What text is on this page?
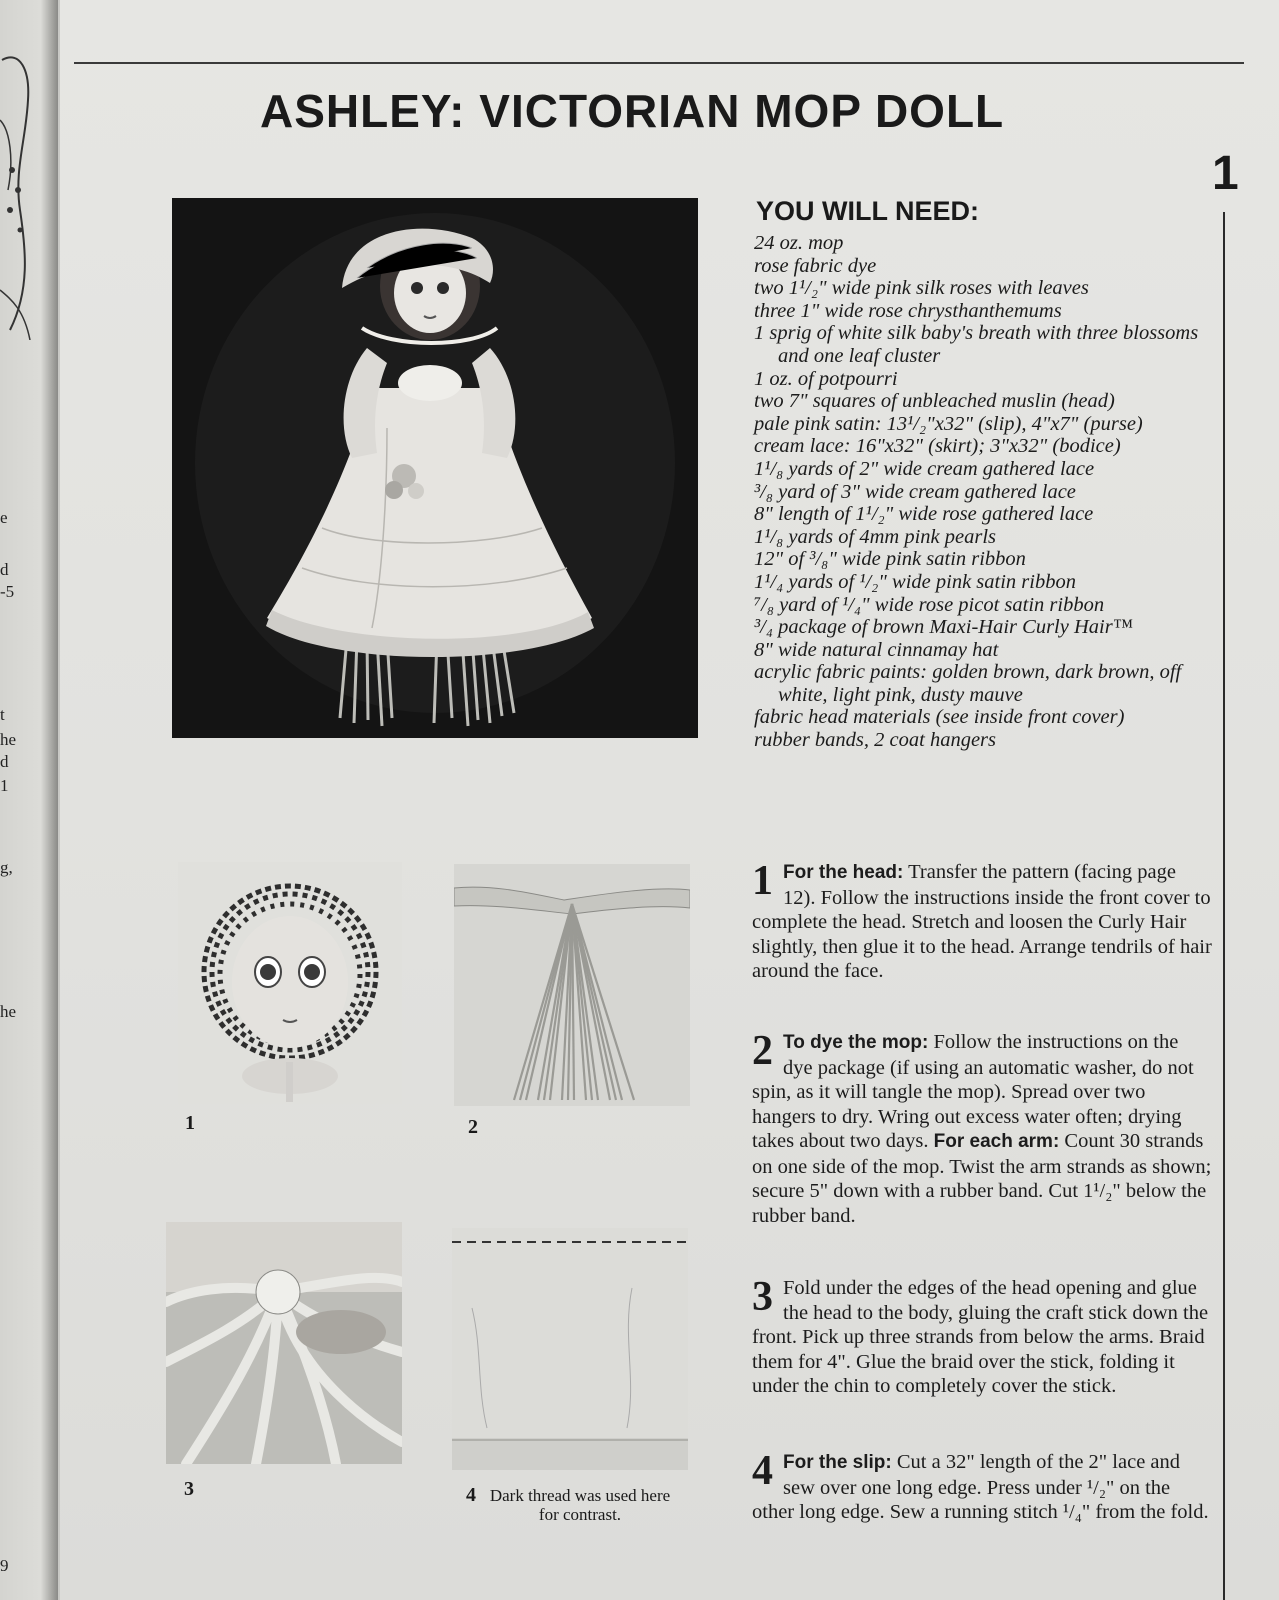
e
d
-5
t
he
d
1
g,
he
9
ASHLEY: VICTORIAN MOP DOLL
1
1	2
3	4 Dark thread was used here for contrast.
YOU WILL NEED:
24 oz. mop
rose fabric dye
two 1¹/₂" wide pink silk roses with leaves
three 1" wide rose chrysthanthemums
1 sprig of white silk baby's breath with three blossoms and one leaf cluster
1 oz. of potpourri
two 7" squares of unbleached muslin (head)
pale pink satin: 13¹/₂"x32" (slip), 4"x7" (purse)
cream lace: 16"x32" (skirt); 3"x32" (bodice)
1¹/₈ yards of 2" wide cream gathered lace
³/₈ yard of 3" wide cream gathered lace
8" length of 1¹/₂" wide rose gathered lace
1¹/₈ yards of 4mm pink pearls
12" of ³/₈" wide pink satin ribbon
1¹/₄ yards of ¹/₂" wide pink satin ribbon
⁷/₈ yard of ¹/₄" wide rose picot satin ribbon
³/₄ package of brown Maxi-Hair Curly Hair™
8" wide natural cinnamay hat
acrylic fabric paints: golden brown, dark brown, off white, light pink, dusty mauve
fabric head materials (see inside front cover)
rubber bands, 2 coat hangers
1 For the head: Transfer the pattern (facing page 12). Follow the instructions inside the front cover to complete the head. Stretch and loosen the Curly Hair slightly, then glue it to the head. Arrange tendrils of hair around the face.
2 To dye the mop: Follow the instructions on the dye package (if using an automatic washer, do not spin, as it will tangle the mop). Spread over two hangers to dry. Wring out excess water often; drying takes about two days. For each arm: Count 30 strands on one side of the mop. Twist the arm strands as shown; secure 5" down with a rubber band. Cut 1¹/₂" below the rubber band.
3 Fold under the edges of the head opening and glue the head to the body, gluing the craft stick down the front. Pick up three strands from below the arms. Braid them for 4". Glue the braid over the stick, folding it under the chin to completely cover the stick.
4 For the slip: Cut a 32" length of the 2" lace and sew over one long edge. Press under ¹/₂" on the other long edge. Sew a running stitch ¹/₄" from the fold.
